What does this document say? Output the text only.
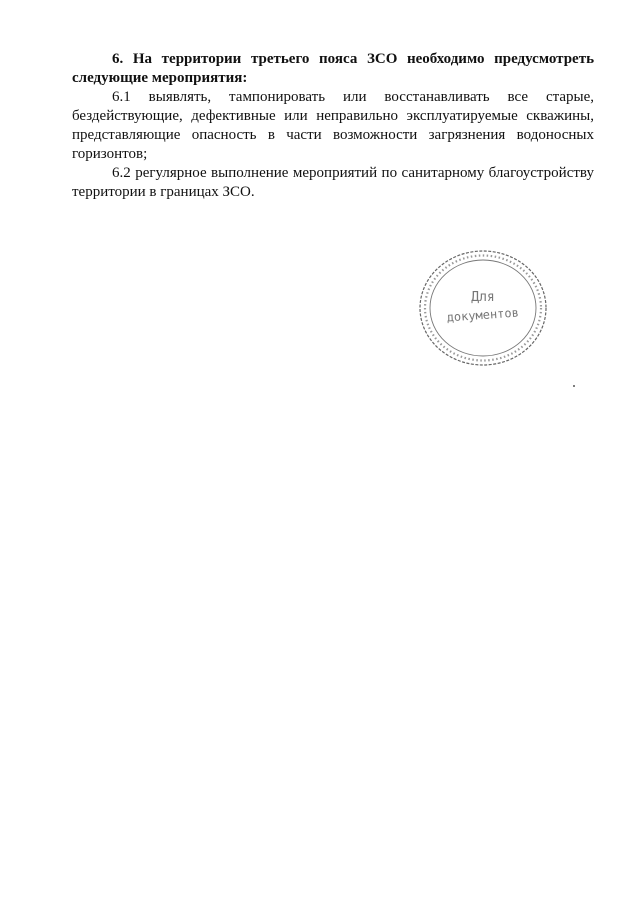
6. На территории третьего пояса ЗСО необходимо предусмотреть следующие мероприятия:

6.1 выявлять, тампонировать или восстанавливать все старые, бездействующие, дефективные или неправильно эксплуатируемые скважины, представляющие опасность в части возможности загрязнения водоносных горизонтов;

6.2 регулярное выполнение мероприятий по санитарному благоустройству территории в границах ЗСО.

Для
документов
